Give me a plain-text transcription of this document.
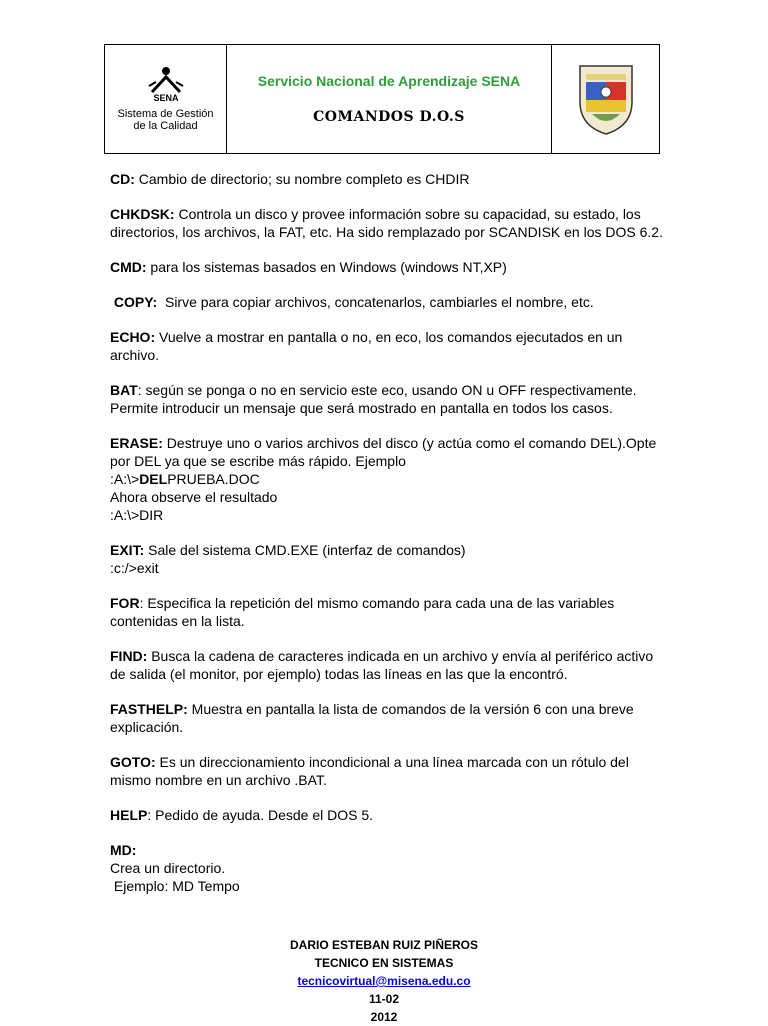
SENA
Sistema de Gestión
de la Calidad
Servicio Nacional de Aprendizaje SENA
COMANDOS D.O.S

CD: Cambio de directorio; su nombre completo es CHDIR

CHKDSK: Controla un disco y provee información sobre su capacidad, su estado, los directorios, los archivos, la FAT, etc. Ha sido remplazado por SCANDISK en los DOS 6.2.

CMD: para los sistemas basados en Windows (windows NT,XP)

COPY:  Sirve para copiar archivos, concatenarlos, cambiarles el nombre, etc.

ECHO: Vuelve a mostrar en pantalla o no, en eco, los comandos ejecutados en un archivo.

BAT: según se ponga o no en servicio este eco, usando ON u OFF respectivamente. Permite introducir un mensaje que será mostrado en pantalla en todos los casos.

ERASE: Destruye uno o varios archivos del disco (y actúa como el comando DEL).Opte por DEL ya que se escribe más rápido. Ejemplo
:A:\>DELPRUEBA.DOC
Ahora observe el resultado
:A:\>DIR

EXIT: Sale del sistema CMD.EXE (interfaz de comandos)
:c:/>exit

FOR: Especifica la repetición del mismo comando para cada una de las variables contenidas en la lista.

FIND: Busca la cadena de caracteres indicada en un archivo y envía al periférico activo de salida (el monitor, por ejemplo) todas las líneas en las que la encontró.

FASTHELP: Muestra en pantalla la lista de comandos de la versión 6 con una breve explicación.

GOTO: Es un direccionamiento incondicional a una línea marcada con un rótulo del mismo nombre en un archivo .BAT.

HELP: Pedido de ayuda. Desde el DOS 5.

MD:
Crea un directorio.
Ejemplo: MD Tempo

DARIO ESTEBAN RUIZ PIÑEROS
TECNICO EN SISTEMAS
tecnicovirtual@misena.edu.co
11-02
2012
